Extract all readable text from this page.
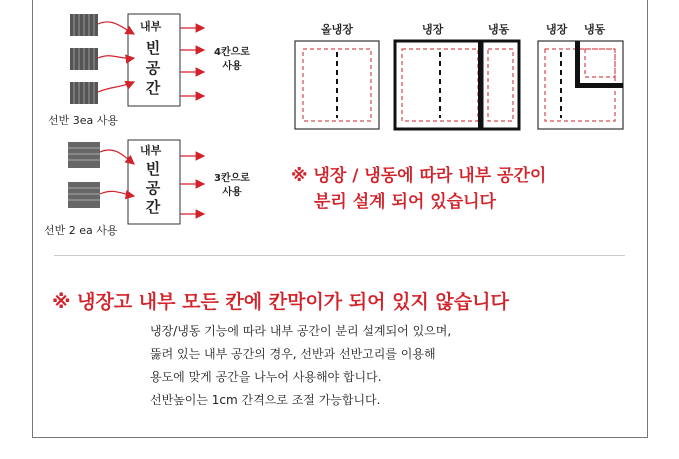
내부
빈
공
간
4칸으로
사용
선반 3ea 사용
내부
빈
공
간
3칸으로
사용
선반 2 ea 사용
올냉장	냉장	냉동	냉장 냉동
※ 냉장 / 냉동에 따라 내부 공간이
분리 설계 되어 있습니다
※ 냉장고 내부 모든 칸에 칸막이가 되어 있지 않습니다
냉장/냉동 기능에 따라 내부 공간이 분리 설계되어 있으며,
뚫려 있는 내부 공간의 경우, 선반과 선반고리를 이용해
용도에 맞게 공간을 나누어 사용해야 합니다.
선반높이는 1cm 간격으로 조절 가능합니다.
